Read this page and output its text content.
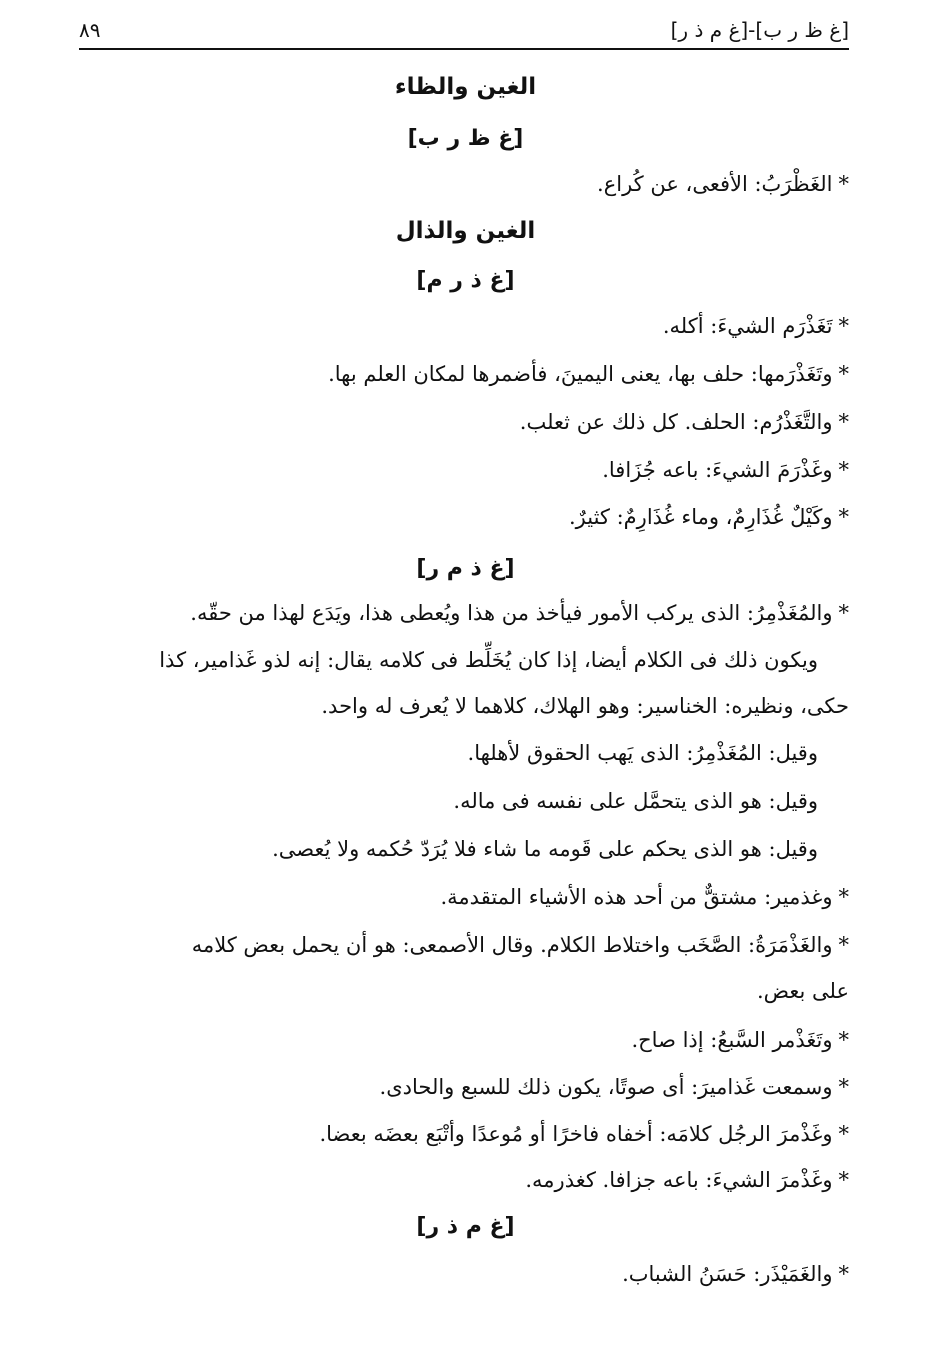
[غ ظ ر ب]-[غ م ذ ر]
٨٩
الغين والظاء
[غ ظ ر ب]
*الغَظْرَبُ: الأفعى، عن كُراع.
الغين والذال
[غ ذ ر م]
*تَغَذْرَم الشيءَ: أكله.
*وتَغَذْرَمها: حلف بها، يعنى اليمينَ، فأضمرها لمكان العلم بها.
*والتَّغَذْرُم: الحلف. كل ذلك عن ثعلب.
*وغَذْرَمَ الشيءَ: باعه جُزَافا.
*وكَيْلٌ غُذَارِمٌ، وماء غُذَارِمٌ: كثيرٌ.
[غ ذ م ر]
*والمُغَذْمِرُ: الذى يركب الأمور فيأخذ من هذا ويُعطى هذا، ويَدَع لهذا من حقّه.
ويكون ذلك فى الكلام أيضا، إذا كان يُخَلِّط فى كلامه يقال: إنه لذو غَذامير، كذا
حكى، ونظيره: الخناسير: وهو الهلاك، كلاهما لا يُعرف له واحد.
وقيل: المُغَذْمِرُ: الذى يَهب الحقوق لأهلها.
وقيل: هو الذى يتحمَّل على نفسه فى ماله.
وقيل: هو الذى يحكم على قَومه ما شاء فلا يُرَدّ حُكمه ولا يُعصى.
*وغذمير: مشتقٌّ من أحد هذه الأشياء المتقدمة.
*والغَذْمَرَةُ: الصَّخَب واختلاط الكلام. وقال الأصمعى: هو أن يحمل بعض كلامه
على بعض.
*وتَغَذْمر السَّبعُ: إذا صاح.
*وسمعت غَذاميرَ: أى صوتًا، يكون ذلك للسبع والحادى.
*وغَذْمرَ الرجُل كلامَه: أخفاه فاخرًا أو مُوعدًا وأتْبَع بعضَه بعضا.
*وغَذْمرَ الشيءَ: باعه جزافا. كغذرمه.
[غ م ذ ر]
*والغَمَيْذَر: حَسَنُ الشباب.
